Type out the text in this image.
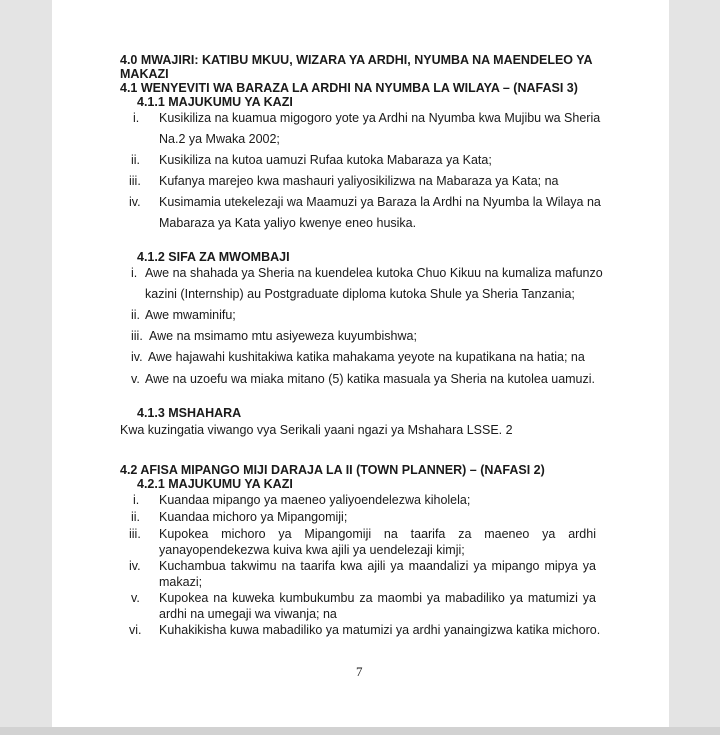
4.0 MWAJIRI: KATIBU MKUU, WIZARA YA ARDHI, NYUMBA NA MAENDELEO YA
MAKAZI
4.1 WENYEVITI WA BARAZA LA ARDHI NA NYUMBA LA WILAYA – (NAFASI 3)
4.1.1 MAJUKUMU YA KAZI
i. Kusikiliza na kuamua migogoro yote ya Ardhi na Nyumba kwa Mujibu wa Sheria
Na.2 ya Mwaka 2002;
ii. Kusikiliza na kutoa uamuzi Rufaa kutoka Mabaraza ya Kata;
iii. Kufanya marejeo kwa mashauri yaliyosikilizwa na Mabaraza ya Kata; na
iv. Kusimamia utekelezaji wa Maamuzi ya Baraza la Ardhi na Nyumba la Wilaya na
Mabaraza ya Kata yaliyo kwenye eneo husika.
4.1.2 SIFA ZA MWOMBAJI
i. Awe na shahada ya Sheria na kuendelea kutoka Chuo Kikuu na kumaliza mafunzo
kazini (Internship) au Postgraduate diploma kutoka Shule ya Sheria Tanzania;
ii. Awe mwaminifu;
iii. Awe na msimamo mtu asiyeweza kuyumbishwa;
iv. Awe hajawahi kushitakiwa katika mahakama yeyote na kupatikana na hatia; na
v. Awe na uzoefu wa miaka mitano (5) katika masuala ya Sheria na kutolea uamuzi.
4.1.3 MSHAHARA
Kwa kuzingatia viwango vya Serikali yaani ngazi ya Mshahara LSSE. 2
4.2 AFISA MIPANGO MIJI DARAJA LA II (TOWN PLANNER) – (NAFASI 2)
4.2.1 MAJUKUMU YA KAZI
i. Kuandaa mipango ya maeneo yaliyoendelezwa kiholela;
ii. Kuandaa michoro ya Mipangomiji;
iii. Kupokea michoro ya Mipangomiji na taarifa za maeneo ya ardhi
yanayopendekezwa kuiva kwa ajili ya uendelezaji kimji;
iv. Kuchambua takwimu na taarifa kwa ajili ya maandalizi ya mipango mipya ya
makazi;
v. Kupokea na kuweka kumbukumbu za maombi ya mabadiliko ya matumizi ya
ardhi na umegaji wa viwanja; na
vi. Kuhakikisha kuwa mabadiliko ya matumizi ya ardhi yanaingizwa katika michoro.
7
